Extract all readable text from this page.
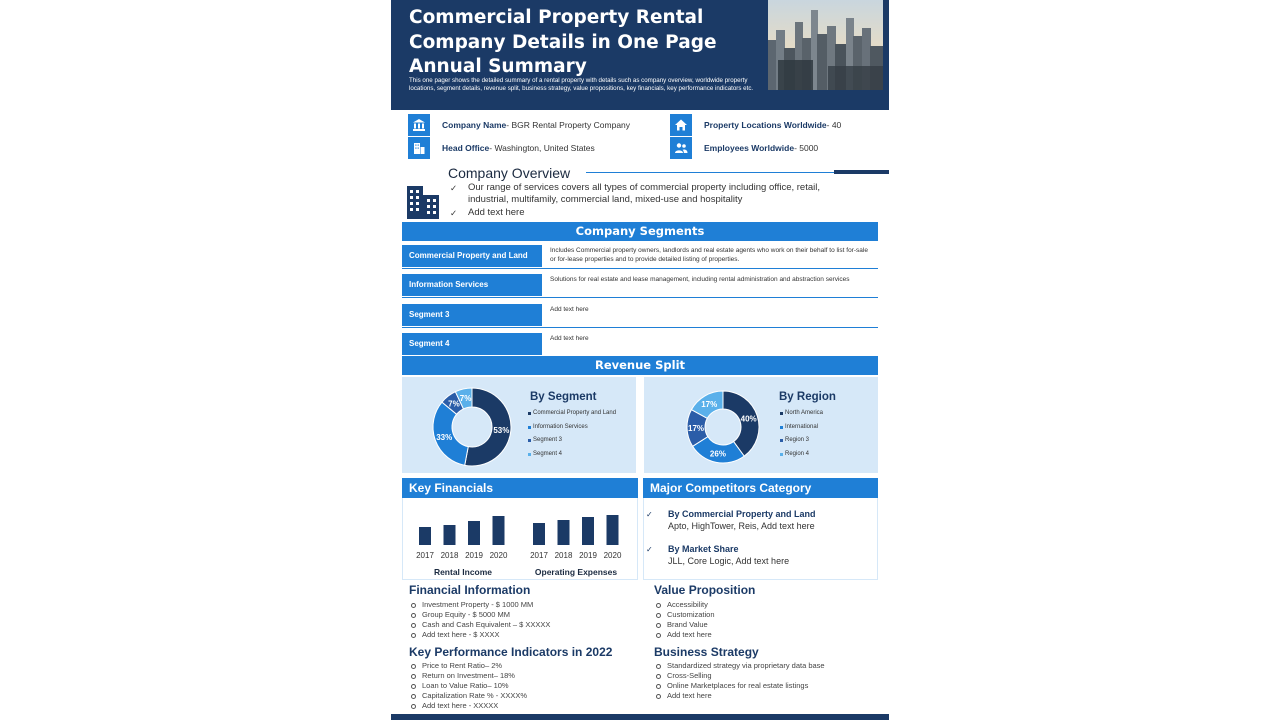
Commercial Property Rental Company Details in One Page Annual Summary
This one pager shows the detailed summary of a rental property with details such as company overview, worldwide property locations, segment details, revenue split, business strategy, value propositions, key financials, key performance indicators etc.
Company Name- BGR Rental Property Company	Property Locations Worldwide- 40
Head Office- Washington, United States	Employees Worldwide- 5000
Company Overview
✓ Our range of services covers all types of commercial property including office, retail, industrial, multifamily, commercial land, mixed-use and hospitality
✓ Add text here
Company Segments
Commercial Property and Land
Includes Commercial property owners, landlords and real estate agents who work on their behalf to list for-sale or for-lease properties and to provide detailed listing of properties.
Information Services
Solutions for real estate and lease management, including rental administration and abstraction services
Segment 3
Add text here
Segment 4
Add text here
Revenue Split
53%
33%
7%
7%	By Segment
Commercial Property and Land
Information Services
Segment 3
Segment 4
40%
26%
17%
17%
By Region
North America
International
Region 3
Region 4
Key Financials
2017 2018 2019 2020
Rental Income
2017 2018 2019 2020
Operating Expenses
Major Competitors Category
✓ By Commercial Property and Land
Apto, HighTower, Reis, Add text here
✓ By Market Share
JLL, Core Logic, Add text here
Financial Information
Investment Property - $ 1000 MM
Group Equity - $ 5000 MM
Cash and Cash Equivalent – $ XXXXX
Add text here - $ XXXX
Value Proposition
Accessibility
Customization
Brand Value
Add text here
Key Performance Indicators in 2022
Price to Rent Ratio– 2%
Return on Investment– 18%
Loan to Value Ratio– 10%
Capitalization Rate % - XXXX%
Add text here - XXXXX
Business Strategy
Standardized strategy via proprietary data base
Cross-Selling
Online Marketplaces for real estate listings
Add text here
